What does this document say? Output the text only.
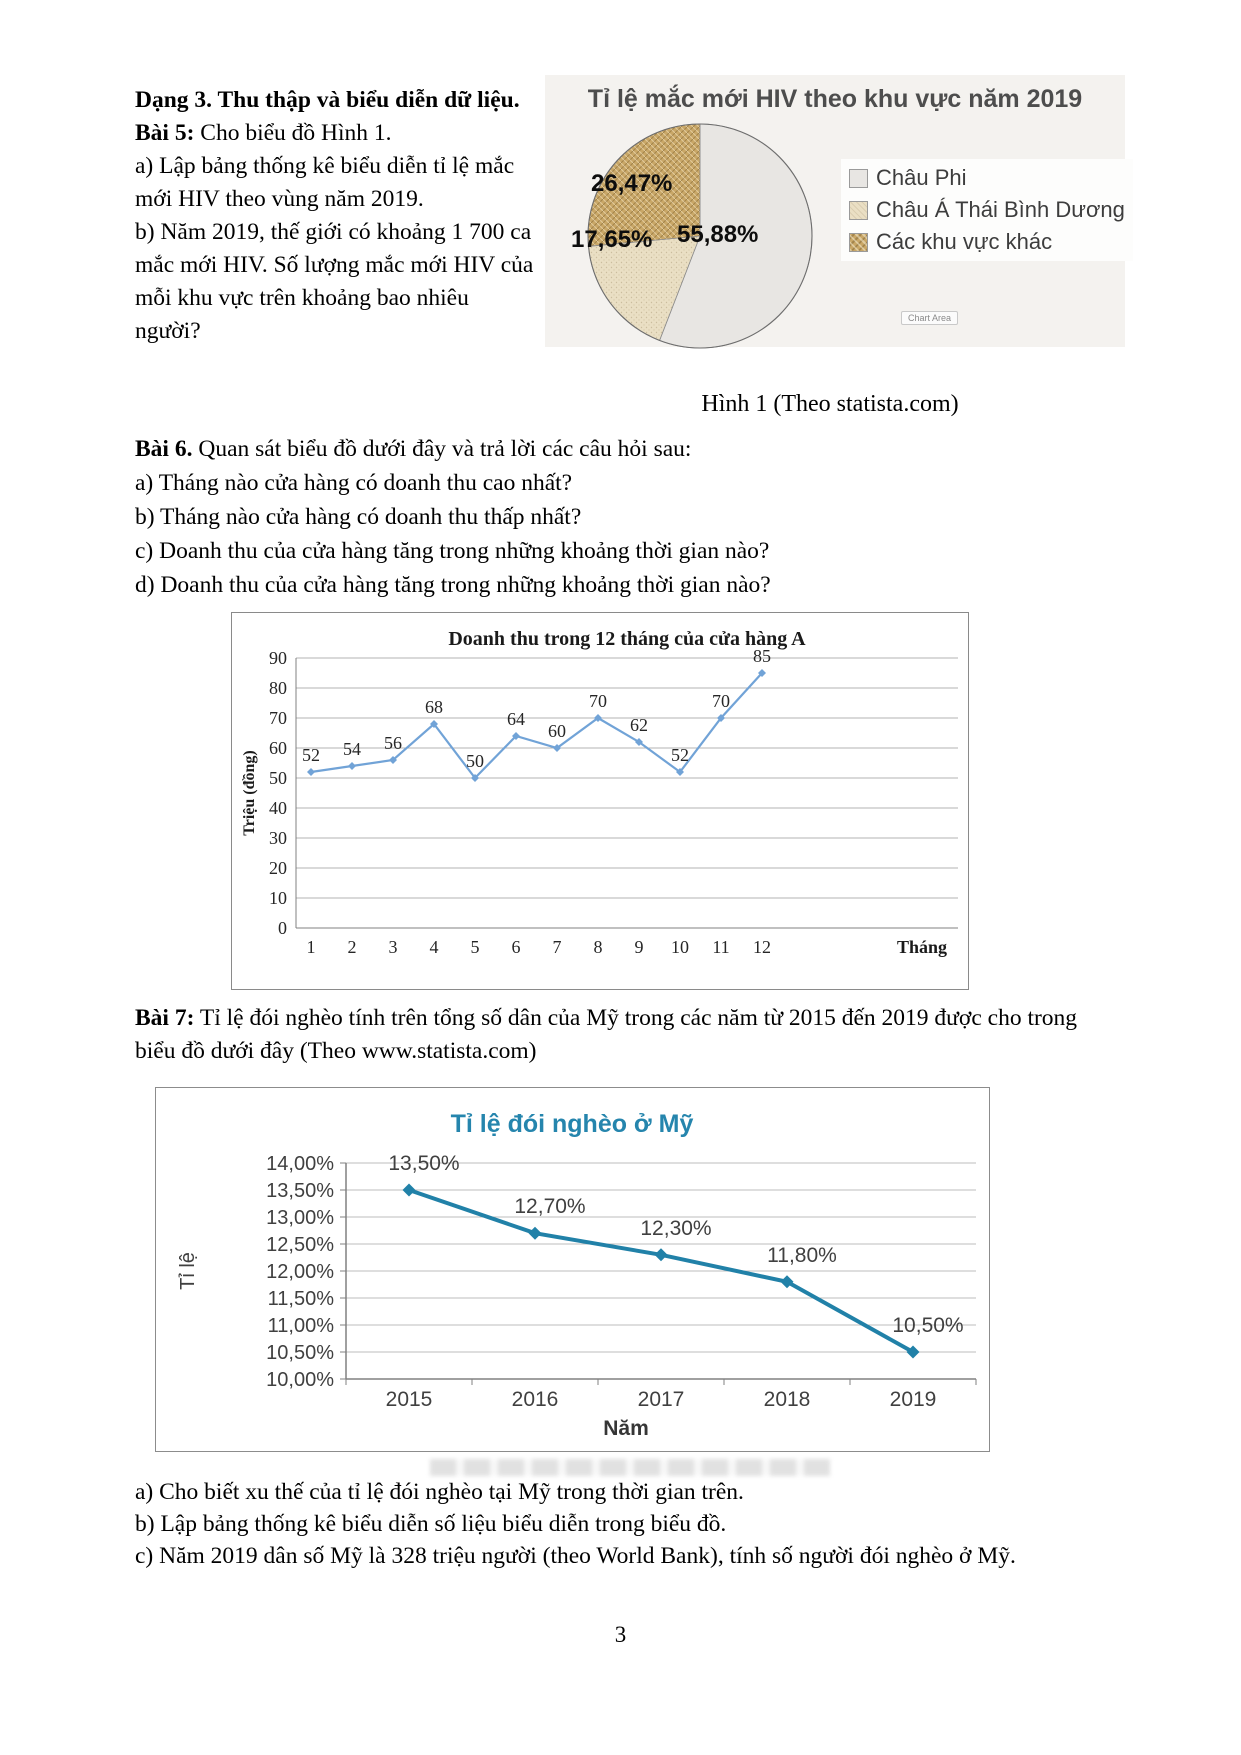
Dạng 3. Thu thập và biểu diễn dữ liệu.

Bài 5: Cho biểu đồ Hình 1.

a) Lập bảng thống kê biểu diễn tỉ lệ mắc mới HIV theo vùng năm 2019.

b) Năm 2019, thế giới có khoảng 1 700 ca mắc mới HIV. Số lượng mắc mới HIV của mỗi khu vực trên khoảng bao nhiêu người?

Tỉ lệ mắc mới HIV theo khu vực năm 2019
55,88%
17,65%
26,47%	Châu Phi
Châu Á Thái Bình Dương
Các khu vực khác
Chart Area
Hình 1 (Theo statista.com)

Bài 6. Quan sát biểu đồ dưới đây và trả lời các câu hỏi sau:

a) Tháng nào cửa hàng có doanh thu cao nhất?

b) Tháng nào cửa hàng có doanh thu thấp nhất?

c) Doanh thu của cửa hàng tăng trong những khoảng thời gian nào?

d) Doanh thu của cửa hàng tăng trong những khoảng thời gian nào?

Doanh thu trong 12 tháng của cửa hàng A
90
80
70
60
50
40
30
20
10
0
52
1
54
2
56
3
68
4
50
5
64
6
60
7
70
8
62
9
52
10
70
11
85
12	Tháng
Triệu (đồng)

Bài 7: Tỉ lệ đói nghèo tính trên tổng số dân của Mỹ trong các năm từ 2015 đến 2019 được cho trong biểu đồ dưới đây (Theo www.statista.com)

Tỉ lệ đói nghèo ở Mỹ
10,00%
10,50%
11,00%
11,50%
12,00%
12,50%
13,00%
13,50%
14,00%	13,50%
2015
12,70%
2016
12,30%
2017
11,80%
2018
10,50%
2019
Năm
Tỉ lệ

a) Cho biết xu thế của tỉ lệ đói nghèo tại Mỹ trong thời gian trên.

b) Lập bảng thống kê biểu diễn số liệu biểu diễn trong biểu đồ.

c) Năm 2019 dân số Mỹ là 328 triệu người (theo World Bank), tính số người đói nghèo ở Mỹ.

3
